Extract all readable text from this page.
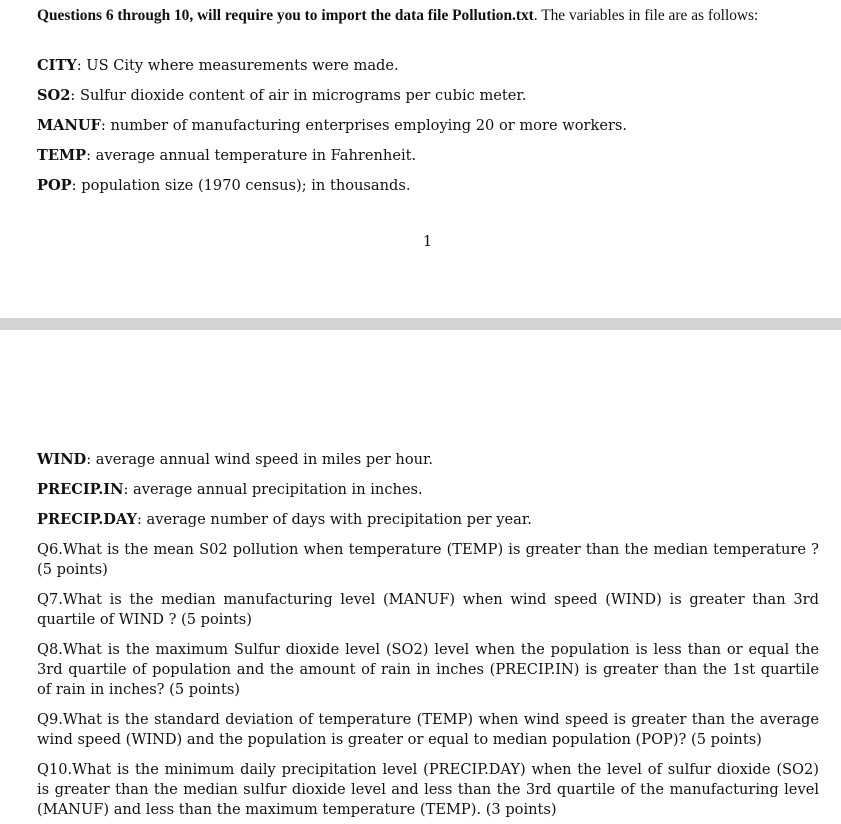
Questions 6 through 10, will require you to import the data file Pollution.txt. The variables in file are as follows:

CITY: US City where measurements were made.

SO2: Sulfur dioxide content of air in micrograms per cubic meter.

MANUF: number of manufacturing enterprises employing 20 or more workers.

TEMP: average annual temperature in Fahrenheit.

POP: population size (1970 census); in thousands.

1

WIND: average annual wind speed in miles per hour.

PRECIP.IN: average annual precipitation in inches.

PRECIP.DAY: average number of days with precipitation per year.

Q6.What is the mean S02 pollution when temperature (TEMP) is greater than the median temperature ? (5 points)

Q7.What is the median manufacturing level (MANUF) when wind speed (WIND) is greater than 3rd quartile of WIND ? (5 points)

Q8.What is the maximum Sulfur dioxide level (SO2) level when the population is less than or equal the 3rd quartile of population and the amount of rain in inches (PRECIP.IN) is greater than the 1st quartile of rain in inches? (5 points)

Q9.What is the standard deviation of temperature (TEMP) when wind speed is greater than the average wind speed (WIND) and the population is greater or equal to median population (POP)? (5 points)

Q10.What is the minimum daily precipitation level (PRECIP.DAY) when the level of sulfur dioxide (SO2) is greater than the median sulfur dioxide level and less than the 3rd quartile of the manufacturing level (MANUF) and less than the maximum temperature (TEMP). (3 points)
